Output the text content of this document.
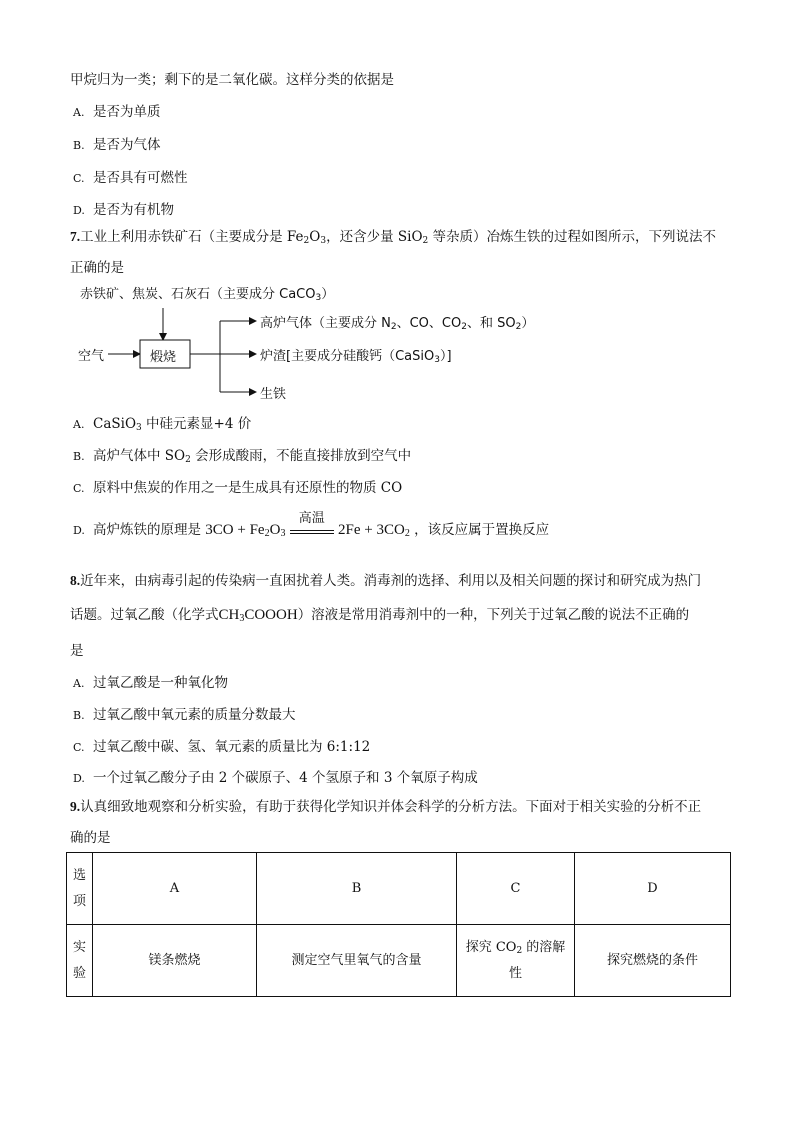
甲烷归为一类；剩下的是二氧化碳。这样分类的依据是
A. 是否为单质
B. 是否为气体
C. 是否具有可燃性
D. 是否为有机物
7.工业上利用赤铁矿石（主要成分是 $Fe_2O_3$，还含少量 SiO$_2$ 等杂质）冶炼生铁的过程如图所示，下列说法不
正确的是
赤铁矿、焦炭、石灰石（主要成分 CaCO$_3$）
空气	煅烧
高炉气体（主要成分 $N_2$、CO、$CO_2$、和 $SO_2$）
炉渣[主要成分硅酸钙（CaSiO$_3$）]
生铁
A. CaSiO$_3$ 中硅元素显+4 价
B. 高炉气体中 $SO_2$ 会形成酸雨，不能直接排放到空气中
C. 原料中焦炭的作用之一是生成具有还原性的物质 CO
D. 高炉炼铁的原理是 $3CO + Fe_2O_3$
高温
$2Fe + 3CO_2$ ，该反应属于置换反应
8.近年来，由病毒引起的传染病一直困扰着人类。消毒剂的选择、利用以及相关问题的探讨和研究成为热门
话题。过氧乙酸（化学式$CH_3COOOH$）溶液是常用消毒剂中的一种，下列关于过氧乙酸的说法不正确的
是
A. 过氧乙酸是一种氧化物
B. 过氧乙酸中氧元素的质量分数最大
C. 过氧乙酸中碳、氢、氧元素的质量比为 6:1:12
D. 一个过氧乙酸分子由 2 个碳原子、4 个氢原子和 3 个氧原子构成
9.认真细致地观察和分析实验，有助于获得化学知识并体会科学的分析方法。下面对于相关实验的分析不正
确的是
选
项	A	B	C	D
实
验	镁条燃烧	测定空气里氧气的含量	探究 $CO_2$ 的溶解
性	探究燃烧的条件
